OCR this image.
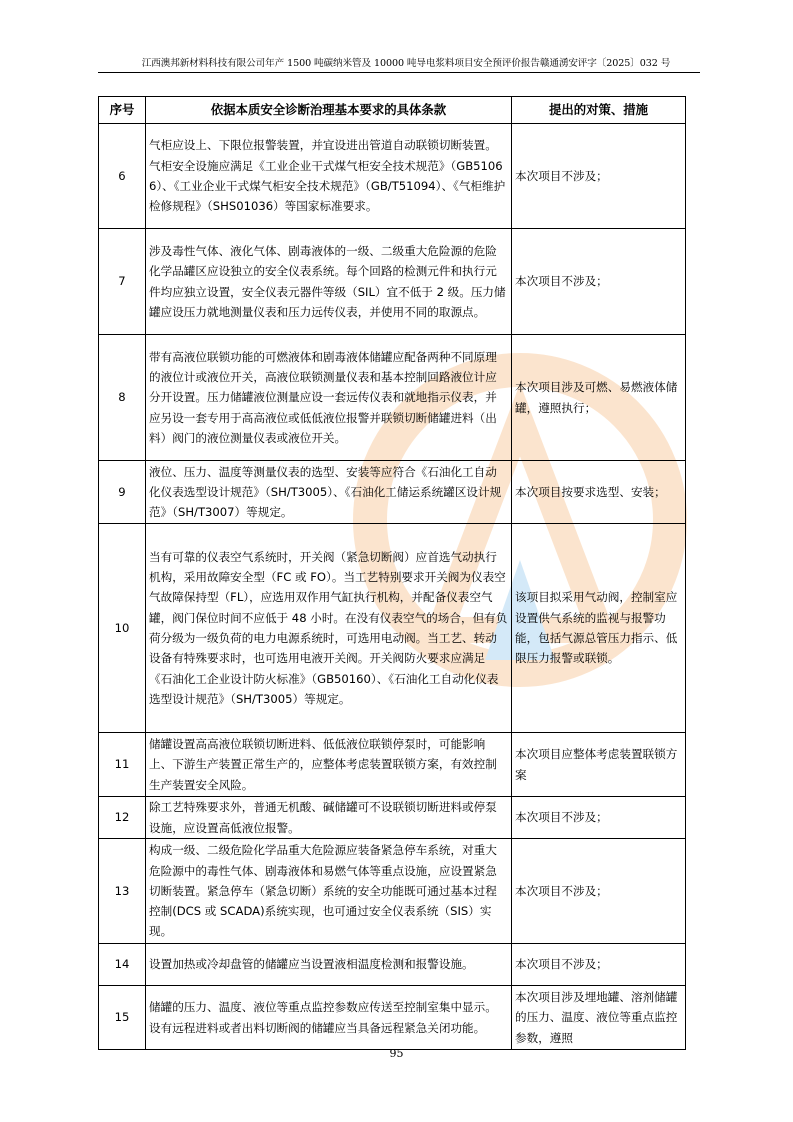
江西澳邦新材料科技有限公司年产 1500 吨碳纳米管及 10000 吨导电浆料项目安全预评价报告赣通湧安评字〔2025〕032 号
序号	依据本质安全诊断治理基本要求的具体条款	提出的对策、措施
6	气柜应设上、下限位报警装置，并宜设进出管道自动联锁切断装置。气柜安全设施应满足《工业企业干式煤气柜安全技术规范》（GB51066）、《工业企业干式煤气柜安全技术规范》（GB/T51094）、《气柜维护检修规程》（SHS01036）等国家标准要求。	本次项目不涉及；
7	涉及毒性气体、液化气体、剧毒液体的一级、二级重大危险源的危险化学品罐区应设独立的安全仪表系统。每个回路的检测元件和执行元件均应独立设置，安全仪表元器件等级（SIL）宜不低于 2 级。压力储罐应设压力就地测量仪表和压力远传仪表，并使用不同的取源点。	本次项目不涉及；
8	带有高液位联锁功能的可燃液体和剧毒液体储罐应配备两种不同原理的液位计或液位开关，高液位联锁测量仪表和基本控制回路液位计应分开设置。压力储罐液位测量应设一套远传仪表和就地指示仪表，并应另设一套专用于高高液位或低低液位报警并联锁切断储罐进料（出料）阀门的液位测量仪表或液位开关。	本次项目涉及可燃、易燃液体储罐，遵照执行；
9	液位、压力、温度等测量仪表的选型、安装等应符合《石油化工自动化仪表选型设计规范》（SH/T3005）、《石油化工储运系统罐区设计规范》（SH/T3007）等规定。	本次项目按要求选型、安装；
10	当有可靠的仪表空气系统时，开关阀（紧急切断阀）应首选气动执行机构，采用故障安全型（FC 或 FO）。当工艺特别要求开关阀为仪表空气故障保持型（FL），应选用双作用气缸执行机构，并配备仪表空气罐，阀门保位时间不应低于 48 小时。在没有仪表空气的场合，但有负荷分级为一级负荷的电力电源系统时，可选用电动阀。当工艺、转动设备有特殊要求时，也可选用电液开关阀。开关阀防火要求应满足《石油化工企业设计防火标准》（GB50160）、《石油化工自动化仪表选型设计规范》（SH/T3005）等规定。	该项目拟采用气动阀，控制室应设置供气系统的监视与报警功能，包括气源总管压力指示、低限压力报警或联锁。
11	储罐设置高高液位联锁切断进料、低低液位联锁停泵时，可能影响上、下游生产装置正常生产的，应整体考虑装置联锁方案，有效控制生产装置安全风险。	本次项目应整体考虑装置联锁方案
12	除工艺特殊要求外，普通无机酸、碱储罐可不设联锁切断进料或停泵设施，应设置高低液位报警。	本次项目不涉及；
13	构成一级、二级危险化学品重大危险源应装备紧急停车系统，对重大危险源中的毒性气体、剧毒液体和易燃气体等重点设施，应设置紧急切断装置。紧急停车（紧急切断）系统的安全功能既可通过基本过程控制(DCS 或 SCADA)系统实现，也可通过安全仪表系统（SIS）实现。	本次项目不涉及；
14	设置加热或冷却盘管的储罐应当设置液相温度检测和报警设施。	本次项目不涉及；
15	储罐的压力、温度、液位等重点监控参数应传送至控制室集中显示。设有远程进料或者出料切断阀的储罐应当具备远程紧急关闭功能。	本次项目涉及埋地罐、溶剂储罐的压力、温度、液位等重点监控参数，遵照
95
